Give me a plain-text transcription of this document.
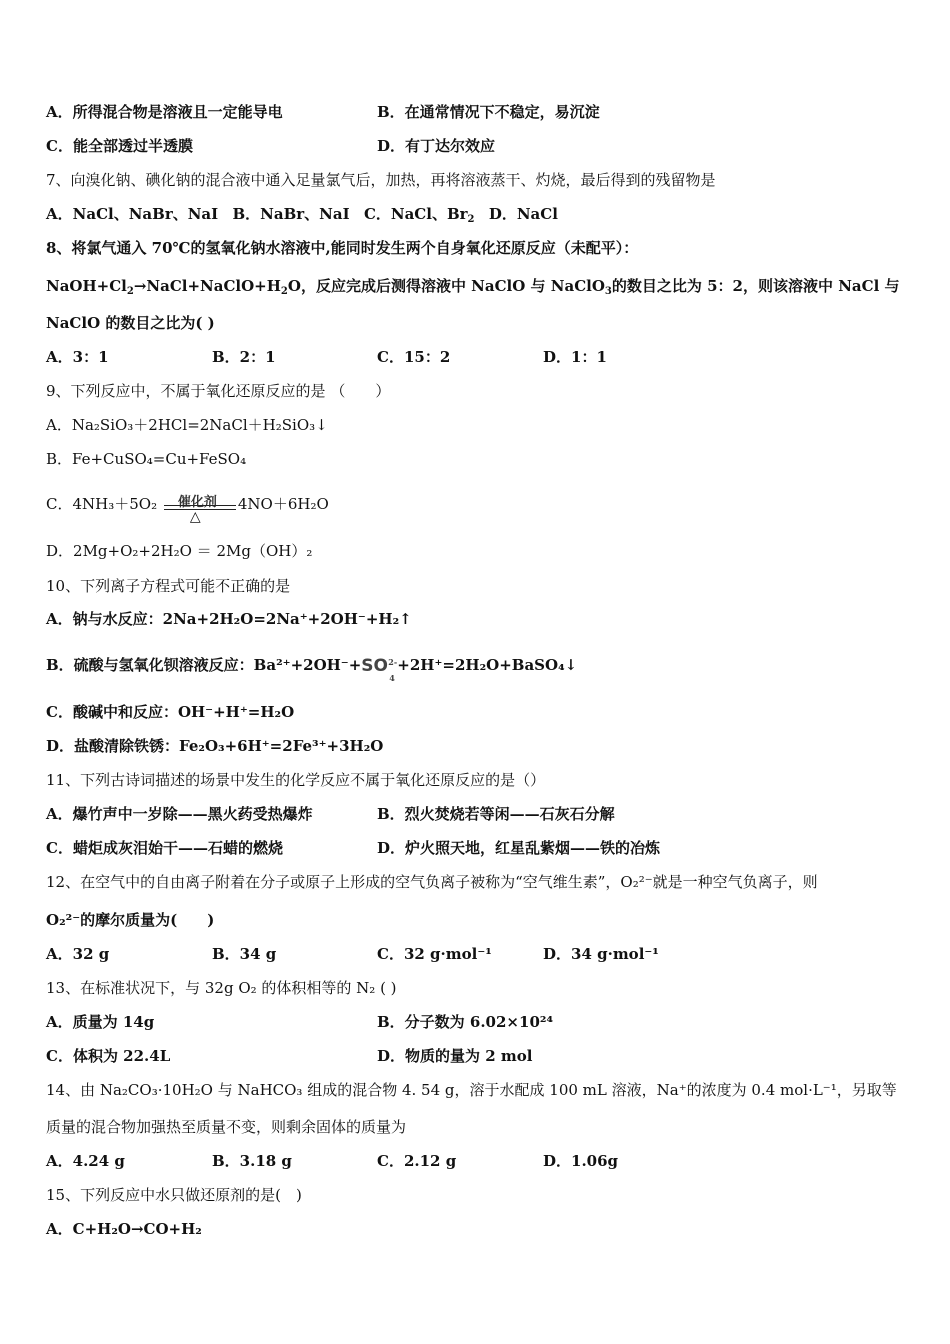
A．所得混合物是溶液且一定能导电	B．在通常情况下不稳定，易沉淀
C．能全部透过半透膜	D．有丁达尔效应
7、向溴化钠、碘化钠的混合液中通入足量氯气后，加热，再将溶液蒸干、灼烧，最后得到的残留物是
A．NaCl、NaBr、NaI B．NaBr、NaI C．NaCl、$Br_2$ D．NaCl
8、将氯气通入 70℃的氢氧化钠水溶液中,能同时发生两个自身氧化还原反应（未配平）：
$NaOH+Cl_2\to NaCl+NaClO+H_2O$，反应完成后测得溶液中 NaClO 与 NaClO$_3$的数目之比为 5：2，则该溶液中 NaCl 与
NaClO 的数目之比为( )
A．3：1	B．2：1	C．15：2	D．1：1
9、下列反应中，不属于氧化还原反应的是 （　　）
A．Na₂SiO₃＋2HCl=2NaCl＋H₂SiO₃↓
B．Fe+CuSO₄=Cu+FeSO₄
C．4NH₃＋5O₂ 催化剂
△
4NO＋6H₂O
D．2Mg+O₂+2H₂O ＝ 2Mg（OH）₂
10、下列离子方程式可能不正确的是
A．钠与水反应：2Na+2H₂O=2Na⁺+2OH⁻+H₂↑
B．硫酸与氢氧化钡溶液反应：Ba²⁺+2OH⁻+ SO 2-
4
+2H⁺=2H₂O+BaSO₄↓
C．酸碱中和反应：OH⁻+H⁺=H₂O
D．盐酸清除铁锈：Fe₂O₃+6H⁺=2Fe³⁺+3H₂O
11、下列古诗词描述的场景中发生的化学反应不属于氧化还原反应的是（）
A．爆竹声中一岁除——黑火药受热爆炸	B．烈火焚烧若等闲——石灰石分解
C．蜡炬成灰泪始干——石蜡的燃烧	D．炉火照天地，红星乱紫烟——铁的冶炼
12、在空气中的自由离子附着在分子或原子上形成的空气负离子被称为“空气维生素”，O₂²⁻就是一种空气负离子，则
O₂²⁻的摩尔质量为(　　)
A．32 g	B．34 g	C．32 g·mol⁻¹	D．34 g·mol⁻¹
13、在标准状况下，与 32g O₂ 的体积相等的 N₂ ( )
A．质量为 14g	B．分子数为 6.02×10²⁴
C．体积为 22.4L	D．物质的量为 2 mol
14、由 Na₂CO₃·10H₂O 与 NaHCO₃ 组成的混合物 4. 54 g，溶于水配成 100 mL 溶液，Na⁺的浓度为 0.4 mol·L⁻¹，另取等
质量的混合物加强热至质量不变，则剩余固体的质量为
A．4.24 g	B．3.18 g	C．2.12 g	D．1.06g
15、下列反应中水只做还原剂的是(　)
A．C+H₂O→CO+H₂
